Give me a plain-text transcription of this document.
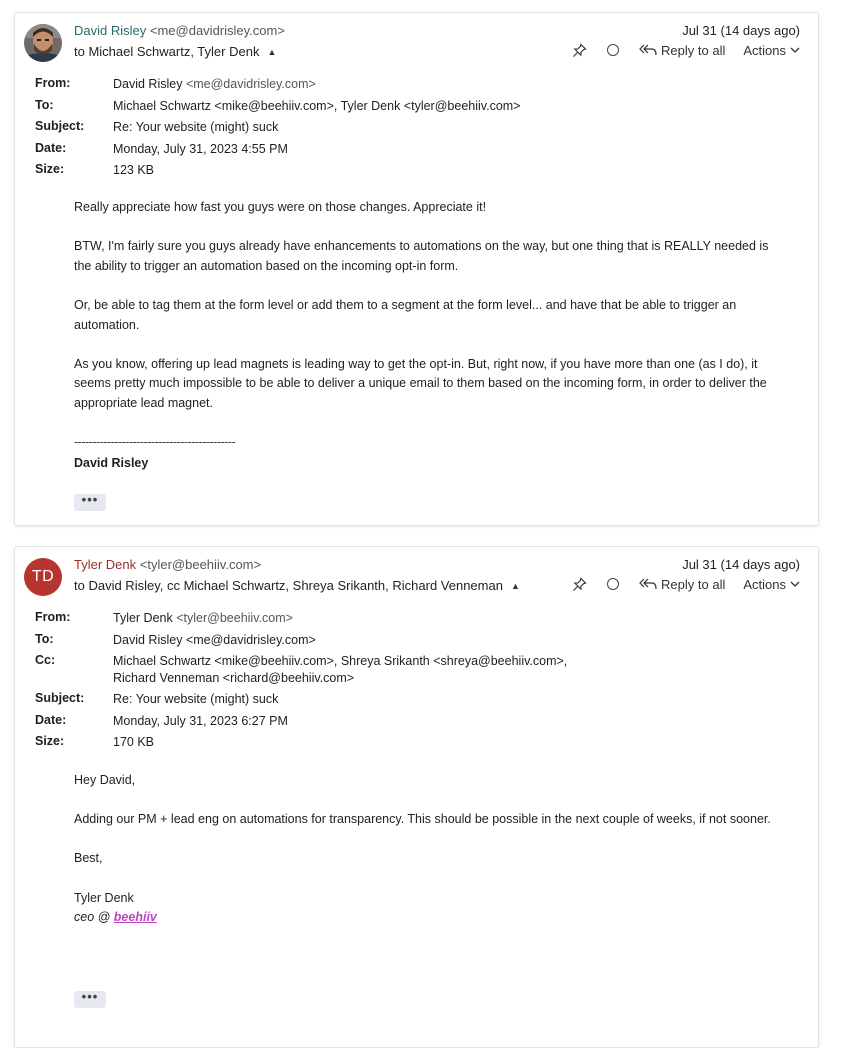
David Risley <me@davidrisley.com>
to Michael Schwartz, Tyler Denk ▲
Jul 31 (14 days ago)
Reply to all Actions
From:	David Risley <me@davidrisley.com>
To:	Michael Schwartz <mike@beehiiv.com>, Tyler Denk <tyler@beehiiv.com>
Subject: Re: Your website (might) suck
Date:	Monday, July 31, 2023 4:55 PM
Size:	123 KB

Really appreciate how fast you guys were on those changes. Appreciate it!

BTW, I'm fairly sure you guys already have enhancements to automations on the way, but one thing that is REALLY needed is the ability to trigger an automation based on the incoming opt-in form.

Or, be able to tag them at the form level or add them to a segment at the form level... and have that be able to trigger an automation.

As you know, offering up lead magnets is leading way to get the opt-in. But, right now, if you have more than one (as I do), it seems pretty much impossible to be able to deliver a unique email to them based on the incoming form, in order to deliver the appropriate lead magnet.

--------------------------------------------
David Risley
•••
TD
Tyler Denk <tyler@beehiiv.com>
to David Risley, cc Michael Schwartz, Shreya Srikanth, Richard Venneman ▲
Jul 31 (14 days ago)
Reply to all Actions
From:	Tyler Denk <tyler@beehiiv.com>
To:	David Risley <me@davidrisley.com>
Cc:	Michael Schwartz <mike@beehiiv.com>, Shreya Srikanth <shreya@beehiiv.com>,
Richard Venneman <richard@beehiiv.com>
Subject: Re: Your website (might) suck
Date:	Monday, July 31, 2023 6:27 PM
Size:	170 KB

Hey David,

Adding our PM + lead eng on automations for transparency. This should be possible in the next couple of weeks, if not sooner.

Best,

Tyler Denk
ceo @ beehiiv
•••
